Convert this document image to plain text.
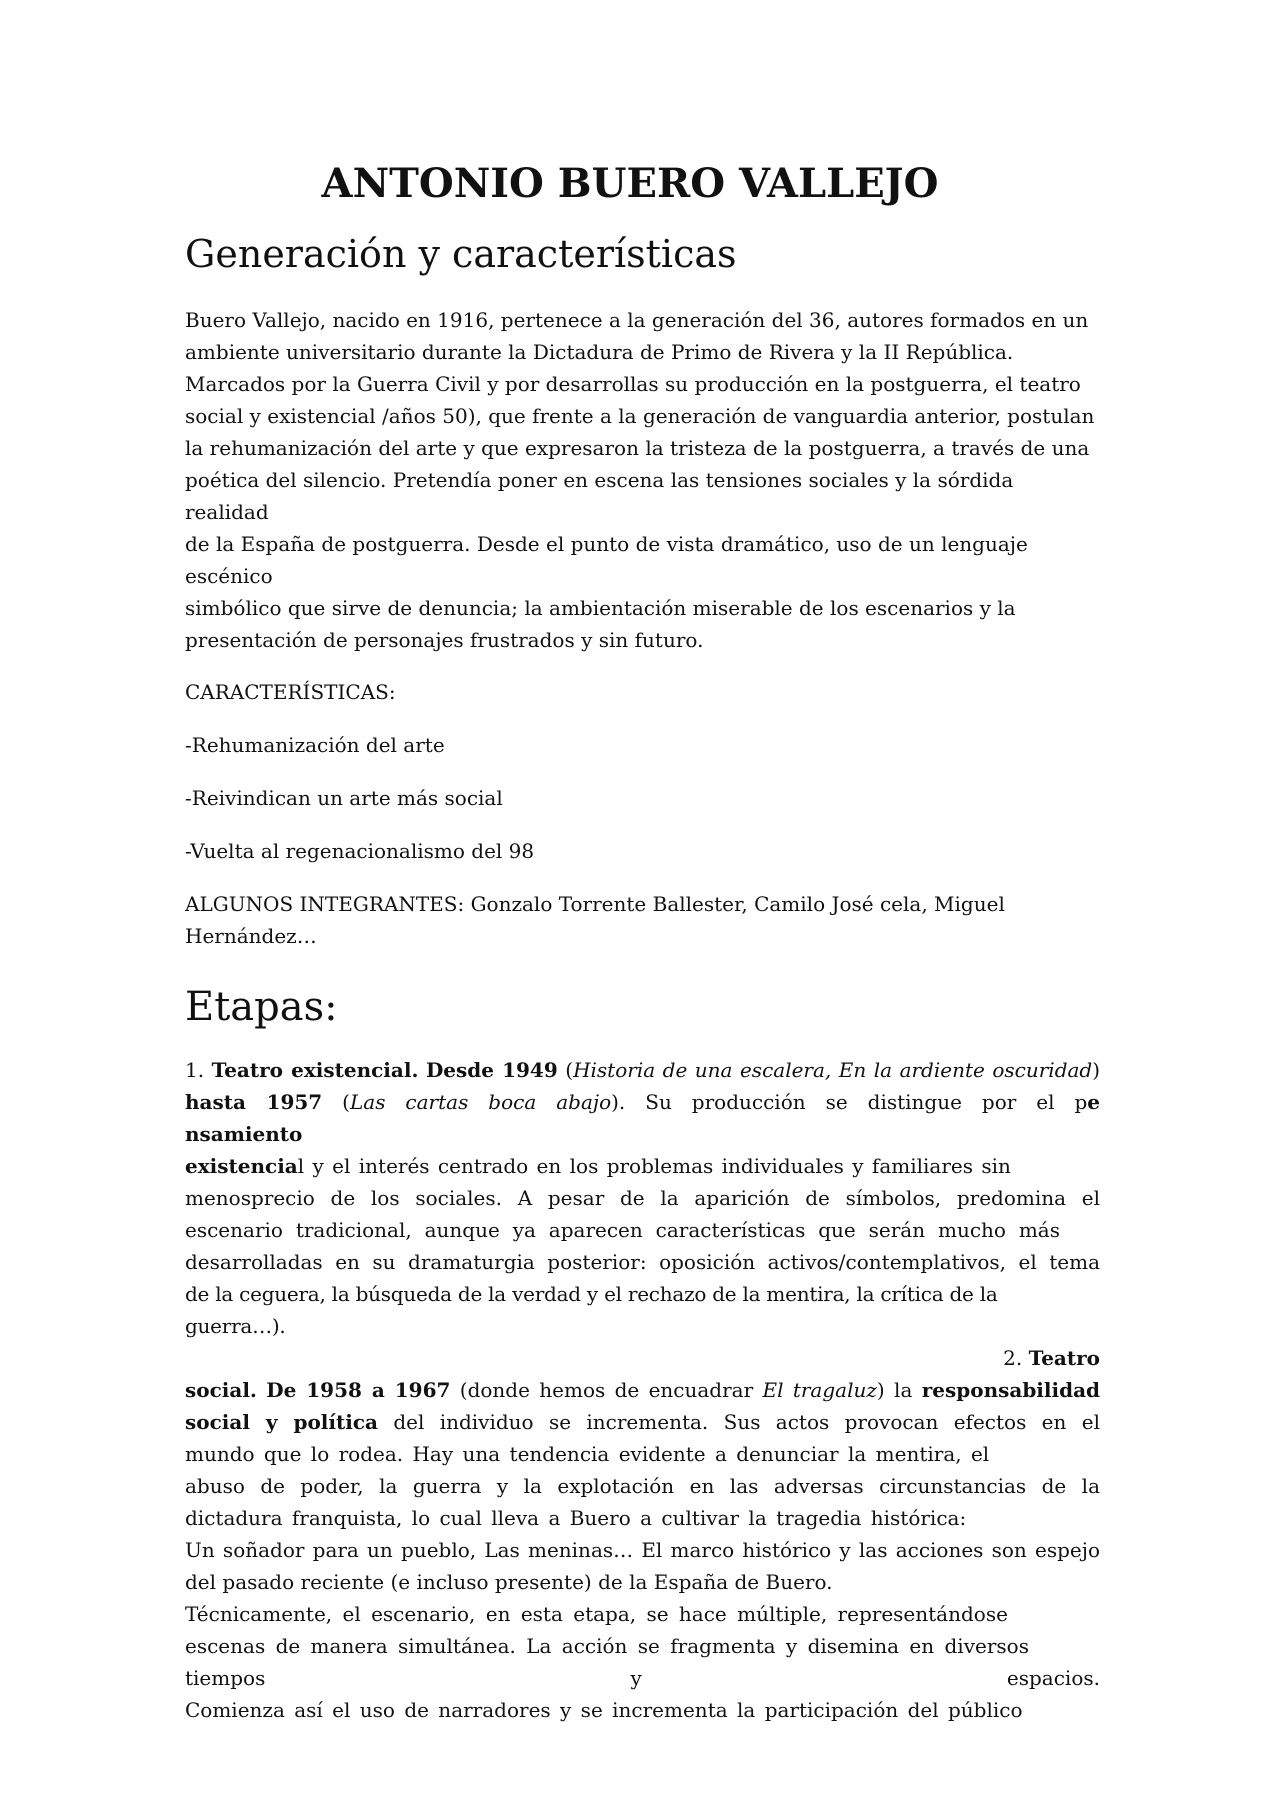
ANTONIO BUERO VALLEJO
Generación y características

Buero Vallejo, nacido en 1916, pertenece a la generación del 36, autores formados en un

ambiente universitario durante la Dictadura de Primo de Rivera y la II República.

Marcados por la Guerra Civil y por desarrollas su producción en la postguerra, el teatro

social y existencial /años 50), que frente a la generación de vanguardia anterior, postulan

la rehumanización del arte y que expresaron la tristeza de la postguerra, a través de una

poética del silencio. Pretendía poner en escena las tensiones sociales y la sórdida realidad

de la España de postguerra. Desde el punto de vista dramático, uso de un lenguaje escénico

simbólico que sirve de denuncia; la ambientación miserable de los escenarios y la

presentación de personajes frustrados y sin futuro.

CARACTERÍSTICAS:

-Rehumanización del arte

-Reivindican un arte más social

-Vuelta al regenacionalismo del 98

ALGUNOS INTEGRANTES: Gonzalo Torrente Ballester, Camilo José cela, Miguel

Hernández…

Etapas:

1. Teatro existencial. Desde 1949 (Historia de una escalera, En la ardiente oscuridad) hasta 1957 (Las cartas boca abajo). Su producción se distingue por el pe

nsamiento

existencial y el interés centrado en los problemas individuales y familiares sin

menosprecio de los sociales. A pesar de la aparición de símbolos, predomina el

escenario tradicional, aunque ya aparecen características que serán mucho más

desarrolladas en su dramaturgia posterior: oposición activos/contemplativos, el tema

de la ceguera, la búsqueda de la verdad y el rechazo de la mentira, la crítica de la guerra…).

2. Teatro

social. De 1958 a 1967 (donde hemos de encuadrar El tragaluz) la responsabilidad

social y política del individuo se incrementa. Sus actos provocan efectos en el

mundo que lo rodea. Hay una tendencia evidente a denunciar la mentira, el

abuso de poder, la guerra y la explotación en las adversas circunstancias de la

dictadura franquista, lo cual lleva a Buero a cultivar la tragedia histórica:

Un soñador para un pueblo, Las meninas… El marco histórico y las acciones son espejo

del pasado reciente (e incluso presente) de la España de Buero.

Técnicamente, el escenario, en esta etapa, se hace múltiple, representándose

escenas de manera simultánea. La acción se fragmenta y disemina en diversos

tiempos y espacios.

Comienza así el uso de narradores y se incrementa la participación del público
